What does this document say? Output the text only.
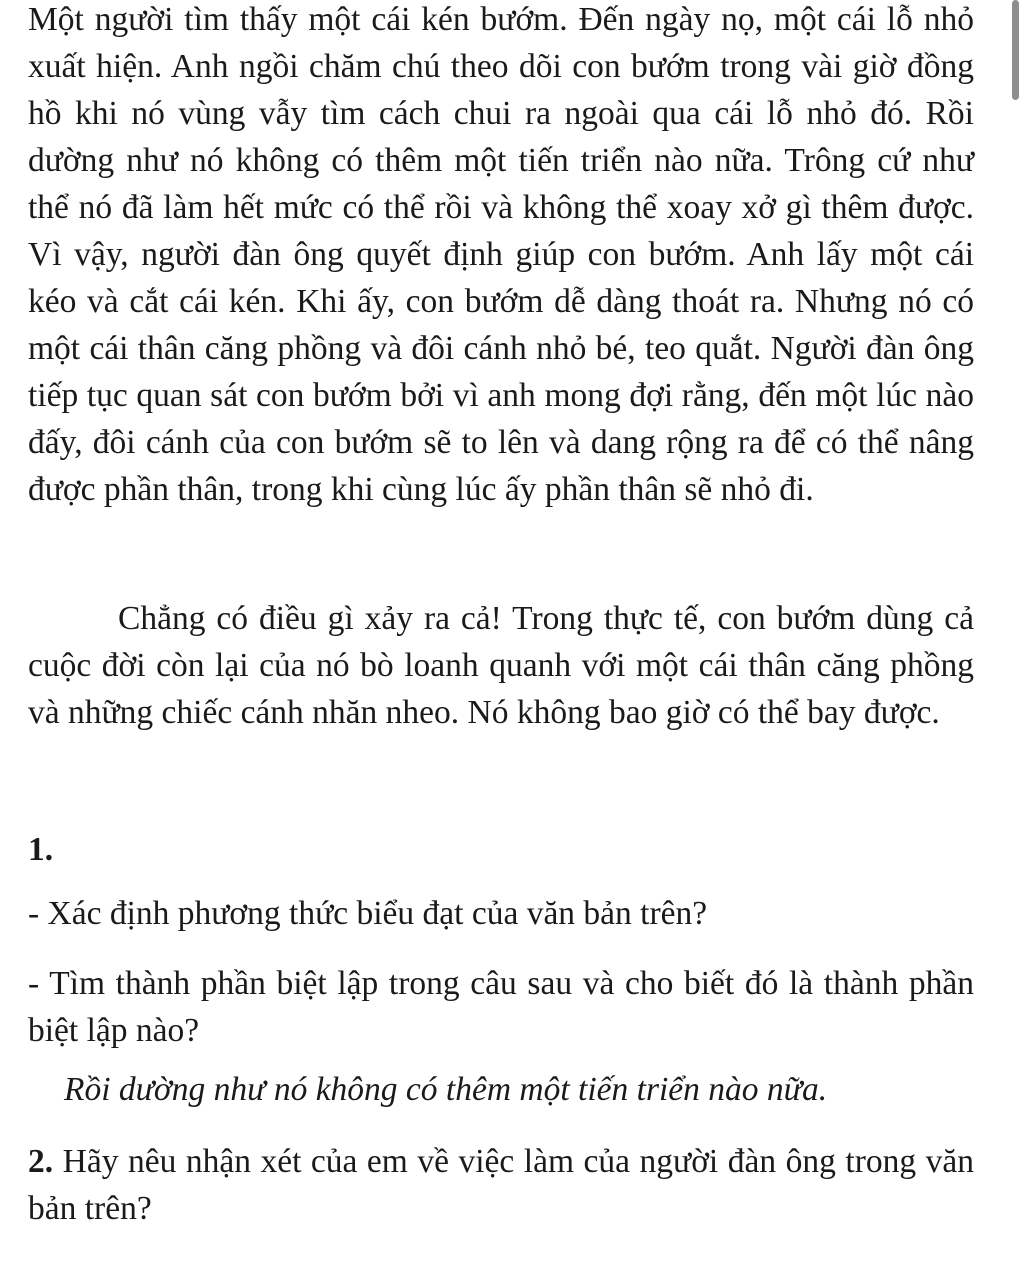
Một người tìm thấy một cái kén bướm. Đến ngày nọ, một cái lỗ nhỏ xuất hiện. Anh ngồi chăm chú theo dõi con bướm trong vài giờ đồng hồ khi nó vùng vẫy tìm cách chui ra ngoài qua cái lỗ nhỏ đó. Rồi dường như nó không có thêm một tiến triển nào nữa. Trông cứ như thể nó đã làm hết mức có thể rồi và không thể xoay xở gì thêm được. Vì vậy, người đàn ông quyết định giúp con bướm. Anh lấy một cái kéo và cắt cái kén. Khi ấy, con bướm dễ dàng thoát ra. Nhưng nó có một cái thân căng phồng và đôi cánh nhỏ bé, teo quắt. Người đàn ông tiếp tục quan sát con bướm bởi vì anh mong đợi rằng, đến một lúc nào đấy, đôi cánh của con bướm sẽ to lên và dang rộng ra để có thể nâng được phần thân, trong khi cùng lúc ấy phần thân sẽ nhỏ đi.

Chẳng có điều gì xảy ra cả! Trong thực tế, con bướm dùng cả cuộc đời còn lại của nó bò loanh quanh với một cái thân căng phồng và những chiếc cánh nhăn nheo. Nó không bao giờ có thể bay được.

1.

- Xác định phương thức biểu đạt của văn bản trên?

- Tìm thành phần biệt lập trong câu sau và cho biết đó là thành phần biệt lập nào?

Rồi dường như nó không có thêm một tiến triển nào nữa.

2. Hãy nêu nhận xét của em về việc làm của người đàn ông trong văn bản trên?
